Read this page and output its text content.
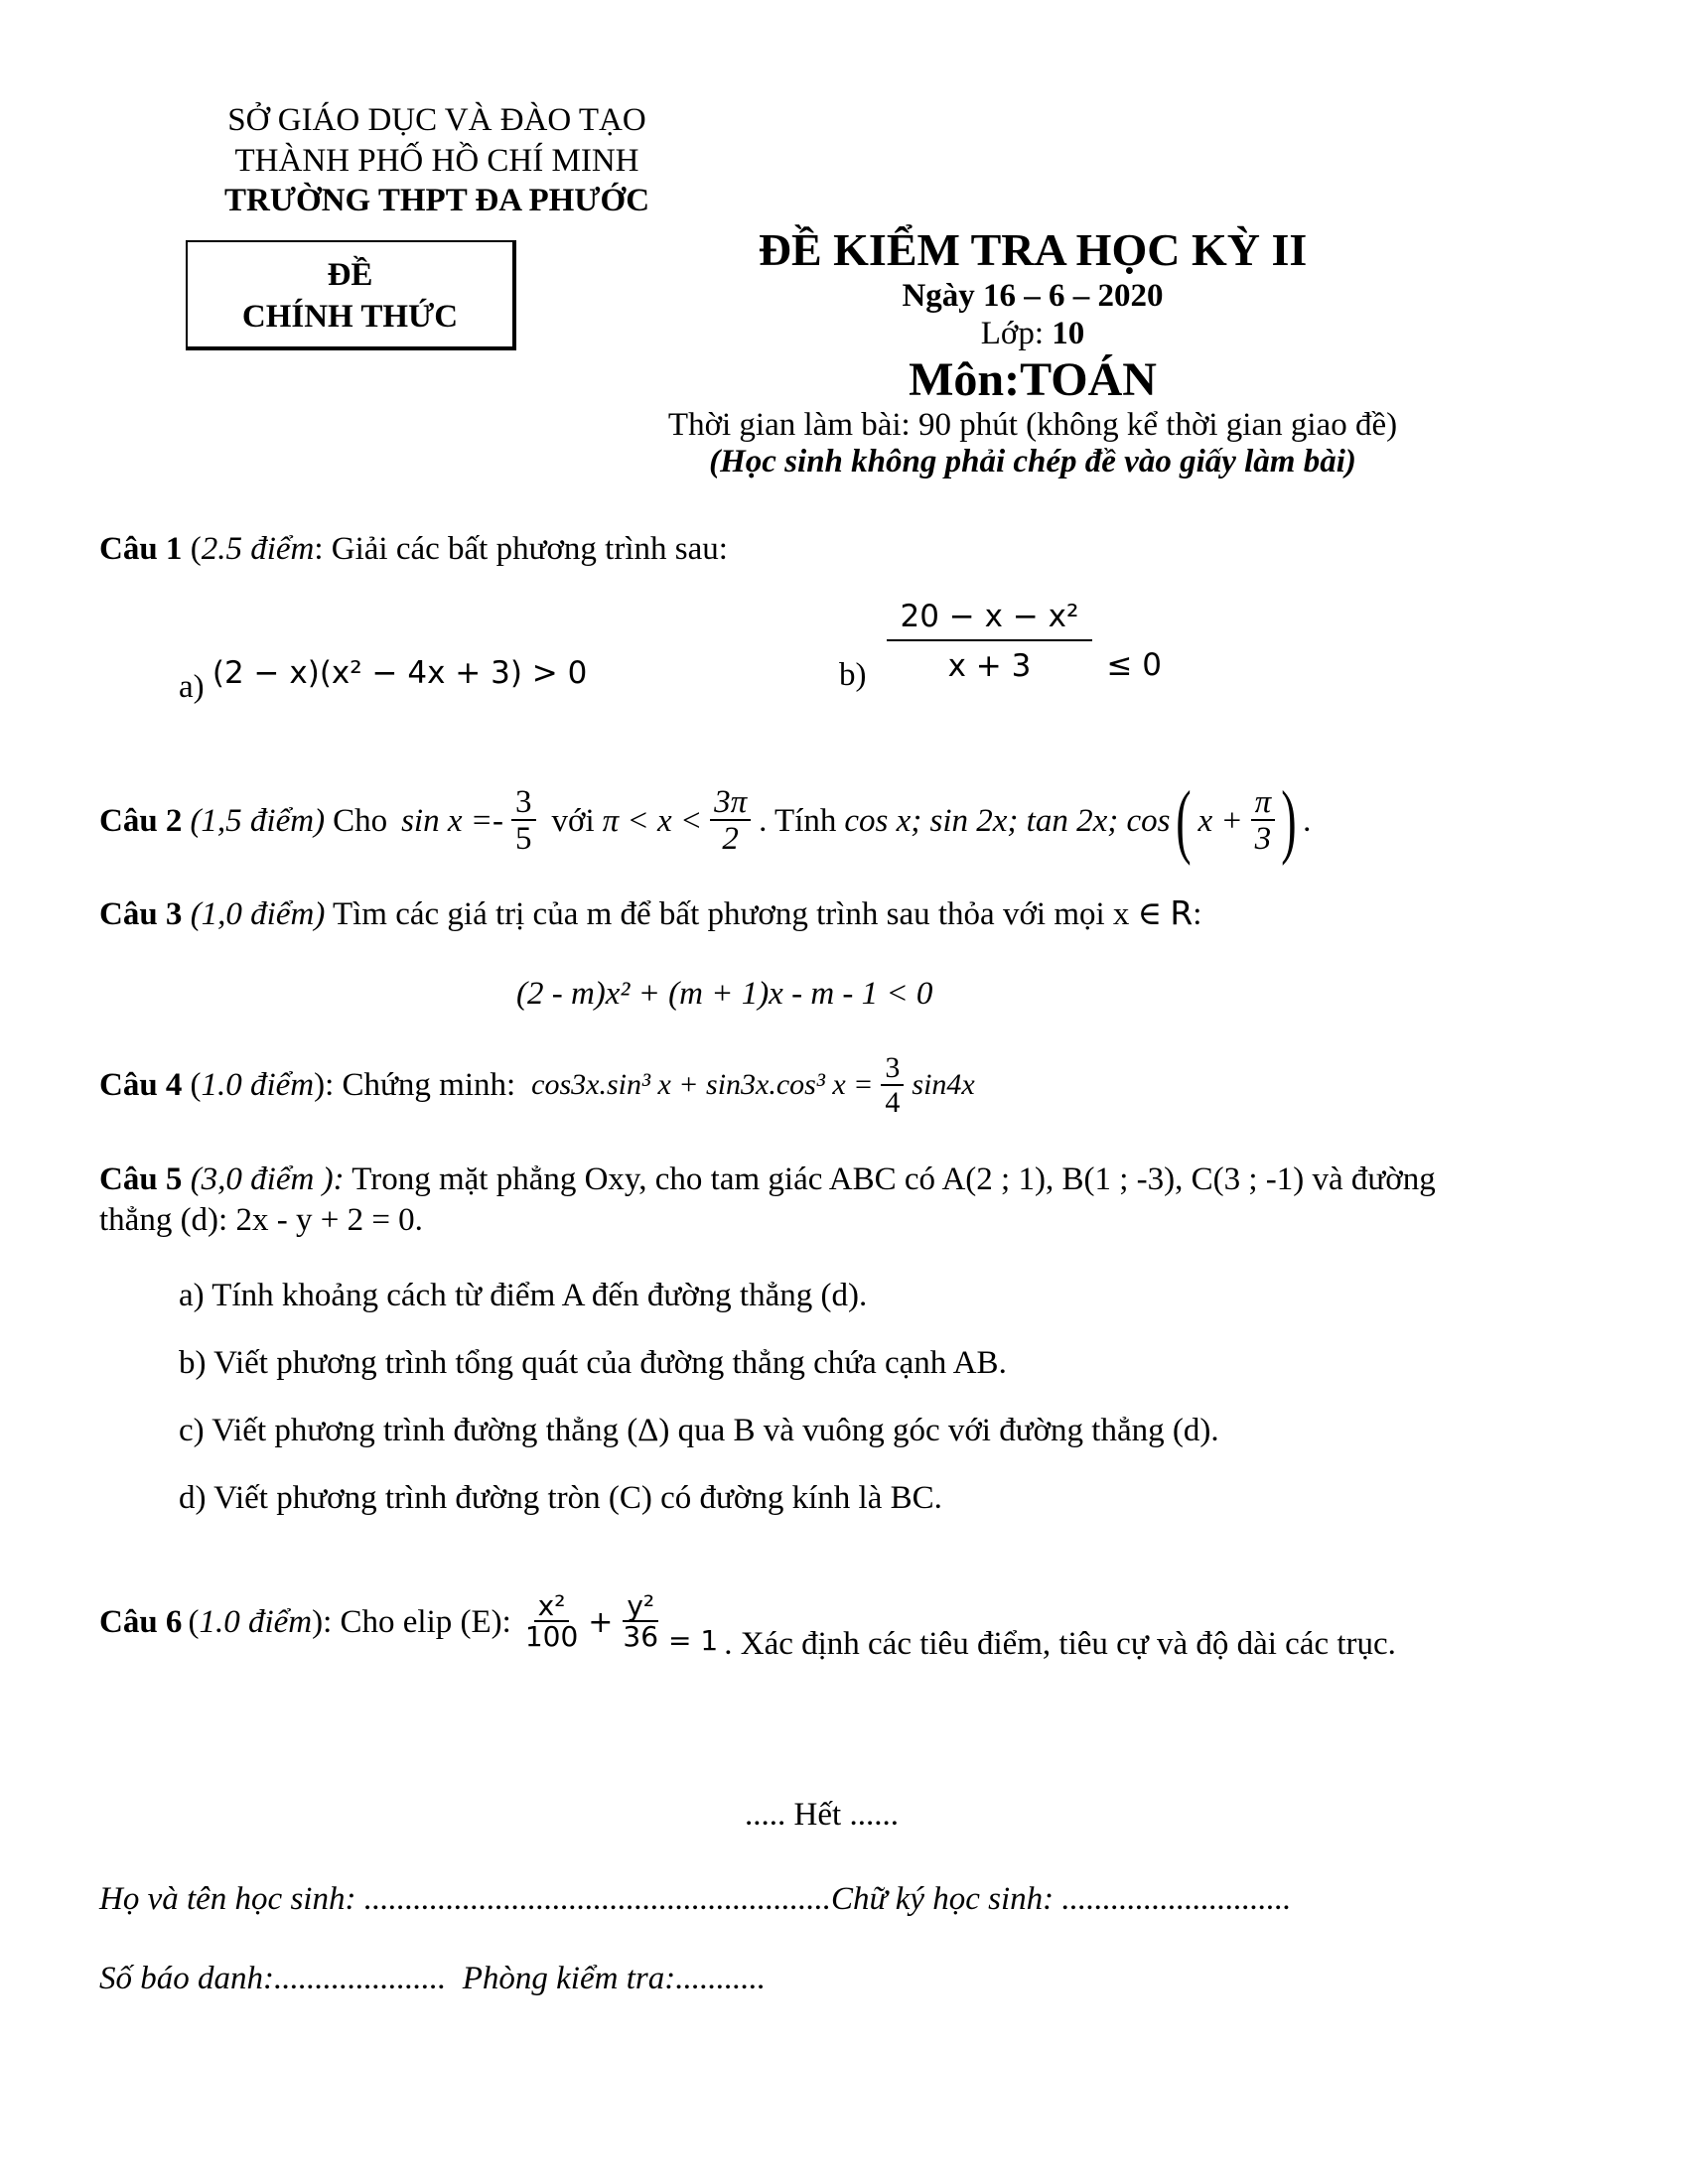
SỞ GIÁO DỤC VÀ ĐÀO TẠO
THÀNH PHỐ HỒ CHÍ MINH
TRƯỜNG THPT ĐA PHƯỚC
ĐỀ
CHÍNH THỨC
ĐỀ KIỂM TRA HỌC KỲ II
Ngày 16 – 6 – 2020
Lớp: 10
Môn:TOÁN
Thời gian làm bài: 90 phút (không kể thời gian giao đề)
(Học sinh không phải chép đề vào giấy làm bài)
Câu 1 (2.5 điểm: Giải các bất phương trình sau:
a) (2 − x)(x² − 4x + 3) > 0	$b) \frac{\text{20 − x − x²}}{x + 3} \le 0$
Câu 2 (1,5 điểm) Cho $\sin x =- \frac{3}{5}$ với $\pi < x < \frac{3\pi}{2}$ . Tính cos x; sin 2x; tan 2x; cos ( $x + \frac{\pi}{3}$ ) .
Câu 3 (1,0 điểm) Tìm các giá trị của m để bất phương trình sau thỏa với mọi x ∈ R:
(2 - m)x² + (m + 1)x - m - 1 < 0
Câu 4 (1.0 điểm): Chứng minh: cos3x.sin³ x + sin3x.cos³ $x = \frac{3}{4} \sin 4x$
Câu 5 (3,0 điểm ): Trong mặt phẳng Oxy, cho tam giác ABC có A(2 ; 1), B(1 ; -3), C(3 ; -1) và đường
thẳng (d): 2x - y + 2 = 0.
a) Tính khoảng cách từ điểm A đến đường thẳng (d).
b) Viết phương trình tổng quát của đường thẳng chứa cạnh AB.
c) Viết phương trình đường thẳng (Δ) qua B và vuông góc với đường thẳng (d).
d) Viết phương trình đường tròn (C) có đường kính là BC.
Câu 6 (1.0 điểm): Cho elip (E): $\frac{\text{x²}}{100} + \frac{\text{y²}}{36} = 1$ . Xác định các tiêu điểm, tiêu cự và độ dài các trục.
..... Hết ......
Họ và tên học sinh: .........................................................Chữ ký học sinh: ............................
Số báo danh:..................... Phòng kiểm tra:...........
